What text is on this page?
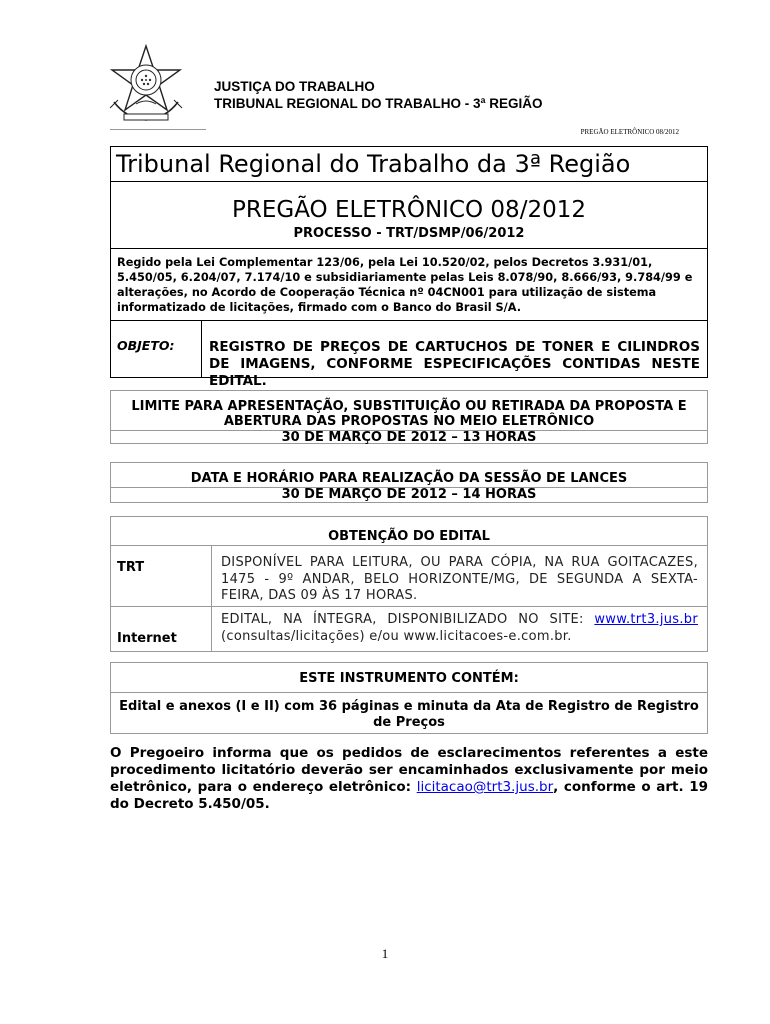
JUSTIÇA DO TRABALHO
TRIBUNAL REGIONAL DO TRABALHO - 3ª REGIÃO
PREGÃO ELETRÔNICO 08/2012
Tribunal Regional do Trabalho da 3ª Região
PREGÃO ELETRÔNICO 08/2012
PROCESSO - TRT/DSMP/06/2012
Regido pela Lei Complementar 123/06, pela Lei 10.520/02, pelos Decretos 3.931/01, 5.450/05, 6.204/07, 7.174/10 e subsidiariamente pelas Leis 8.078/90, 8.666/93, 9.784/99 e alterações, no Acordo de Cooperação Técnica nº 04CN001 para utilização de sistema informatizado de licitações, firmado com o Banco do Brasil S/A.
OBJETO:	REGISTRO DE PREÇOS DE CARTUCHOS DE TONER E CILINDROS DE IMAGENS, CONFORME ESPECIFICAÇÕES CONTIDAS NESTE EDITAL.
LIMITE PARA APRESENTAÇÃO, SUBSTITUIÇÃO OU RETIRADA DA PROPOSTA E ABERTURA DAS PROPOSTAS NO MEIO ELETRÔNICO
30 DE MARÇO DE 2012 – 13 HORAS
DATA E HORÁRIO PARA REALIZAÇÃO DA SESSÃO DE LANCES
30 DE MARÇO DE 2012 – 14 HORAS
OBTENÇÃO DO EDITAL
TRT	DISPONÍVEL PARA LEITURA, OU PARA CÓPIA, NA RUA GOITACAZES, 1475 - 9º ANDAR, BELO HORIZONTE/MG, DE SEGUNDA A SEXTA-FEIRA, DAS 09 ÀS 17 HORAS.
Internet
EDITAL, NA ÍNTEGRA, DISPONIBILIZADO NO SITE: www.trt3.jus.br (consultas/licitações) e/ou www.licitacoes-e.com.br.
ESTE INSTRUMENTO CONTÉM:
Edital e anexos (I e II) com 36 páginas e minuta da Ata de Registro de Registro de Preços
O Pregoeiro informa que os pedidos de esclarecimentos referentes a este procedimento licitatório deverão ser encaminhados exclusivamente por meio eletrônico, para o endereço eletrônico: licitacao@trt3.jus.br, conforme o art. 19 do Decreto 5.450/05.
1
